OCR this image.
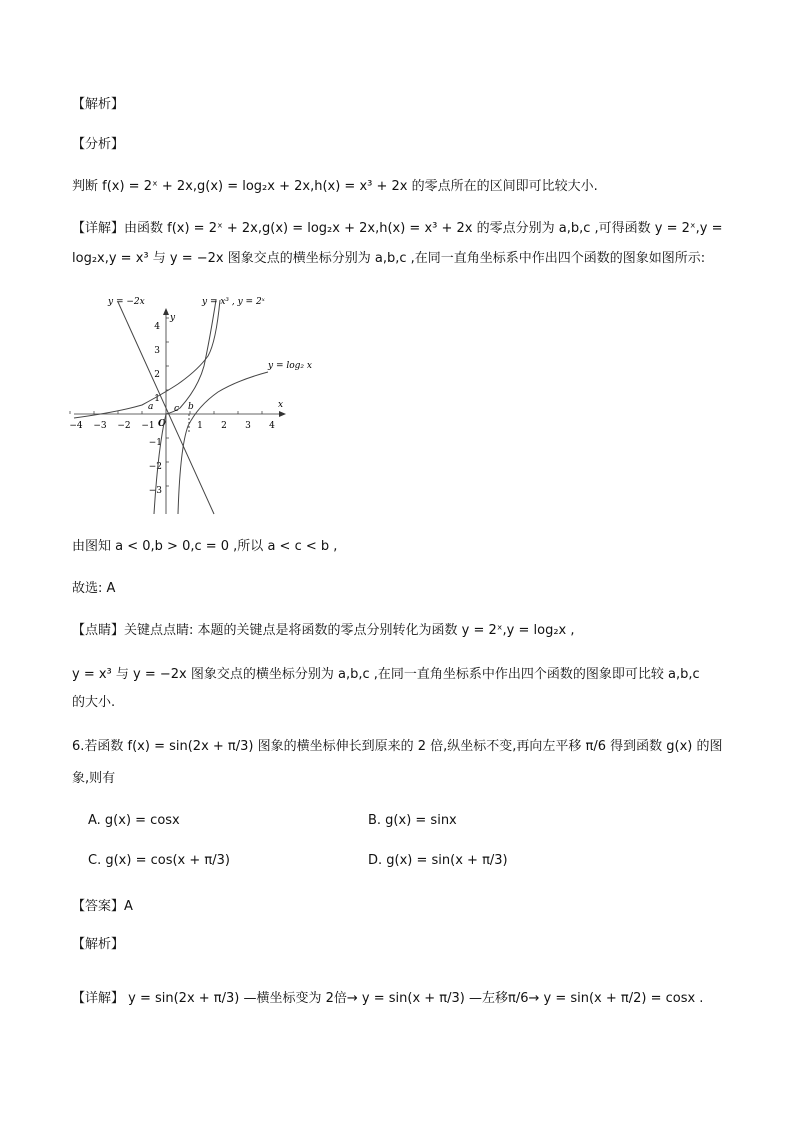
【解析】
【分析】
判断 f(x) = 2ˣ + 2x,g(x) = log₂x + 2x,h(x) = x³ + 2x 的零点所在的区间即可比较大小.
【详解】由函数 f(x) = 2ˣ + 2x,g(x) = log₂x + 2x,h(x) = x³ + 2x 的零点分别为 a,b,c ,可得函数 y = 2ˣ,y =
log₂x,y = x³ 与 y = −2x 图象交点的横坐标分别为 a,b,c ,在同一直角坐标系中作出四个函数的图象如图所示:
−4 −3 −2 −1	1 2 3 4
4
3
2
1
−1
−2
−3
x
y
O
y = −2x	y = x³ , y = 2ˣ
y = log₂ x
a c b
由图知 a < 0,b > 0,c = 0 ,所以 a < c < b ,
故选: A
【点睛】关键点点睛: 本题的关键点是将函数的零点分别转化为函数 y = 2ˣ,y = log₂x ,
y = x³ 与 y = −2x 图象交点的横坐标分别为 a,b,c ,在同一直角坐标系中作出四个函数的图象即可比较 a,b,c
的大小.
6.若函数 f(x) = sin(2x + π/3) 图象的横坐标伸长到原来的 2 倍,纵坐标不变,再向左平移 π/6 得到函数 g(x) 的图
象,则有
A. g(x) = cosx	B. g(x) = sinx
C. g(x) = cos(x + π/3)	D. g(x) = sin(x + π/3)
【答案】A
【解析】
【详解】 y = sin(2x + π/3) —横坐标变为 2倍→ y = sin(x + π/3) —左移π/6→ y = sin(x + π/2) = cosx .
